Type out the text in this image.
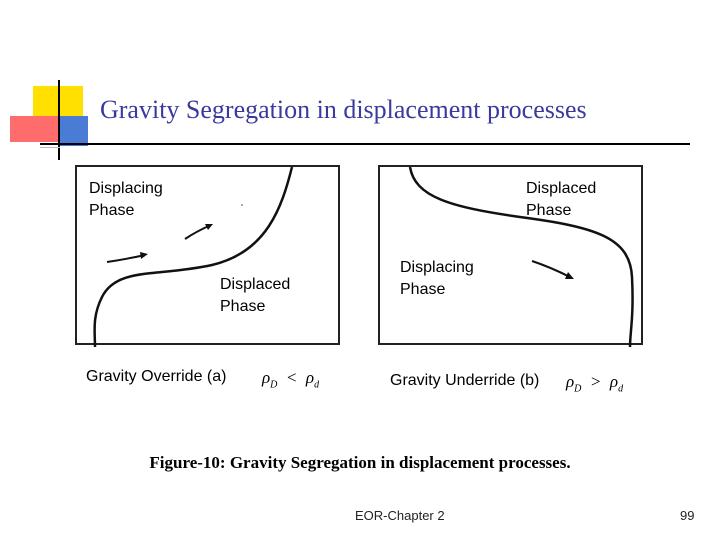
Gravity Segregation in displacement processes
Displacing Phase
Displaced Phase
Displaced Phase
Displacing Phase
Gravity Override (a) $\rho_D < \rho_d$	Gravity Underride (b) $\rho_D > \rho_d$
Figure-10: Gravity Segregation in displacement processes.
EOR-Chapter 2	99
